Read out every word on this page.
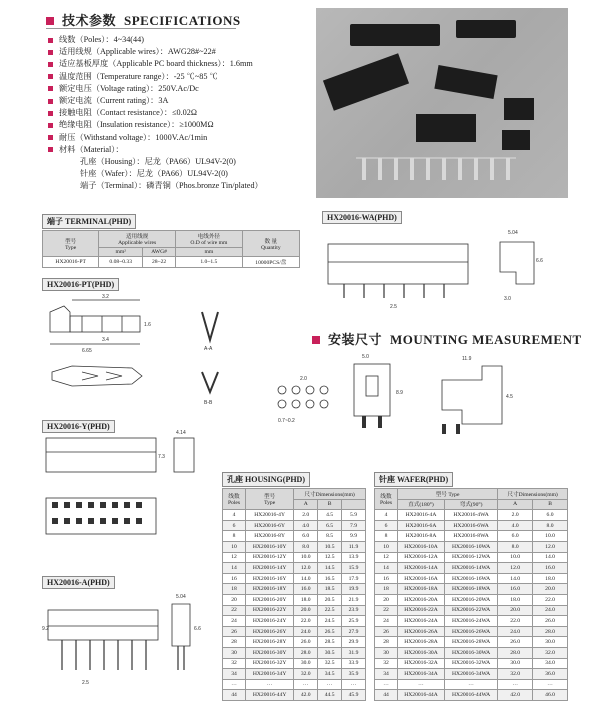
技术参数 SPECIFICATIONS
线数（Poles）：4~34(44)
适用线规（Applicable wires）：AWG28#~22#
适应基板厚度（Applicable PC board thickness）：1.6mm
温度范围（Temperature range）：-25 ℃~85 ℃
额定电压（Voltage rating）：250V.Ac/Dc
额定电流（Current rating）：3A
接触电阻（Contact resistance）：≤0.02Ω
绝缘电阻（Insulation resistance）：≥1000MΩ
耐压（Withstand voltage）：1000V.Ac/1min
材料（Material）：
孔座（Housing）：尼龙（PA66）UL94V-2(0)
针座（Wafer）：尼龙（PA66）UL94V-2(0)
端子（Terminal）：磷青铜（Phos.bronze Tin/plated）
端子 TERMINAL(PHD)
型号
Type	适用线规
Applicable wires		电线外径
O.D of wire mm	数 量
Quantity
	mm²	AWG#	mm	
HX20016-PT	0.08~0.33	28~22	1.0~1.5	10000PCS/盘
HX20016-PT(PHD)
3.2
3.4
6.65
1.6
A-A
B-B
HX20016-Y(PHD)
4.14
7.3
HX20016-A(PHD)
5.04
9.2	6.6
2.5
HX20016-WA(PHD)
5.04
6.6
2.5
3.0
安装尺寸 MOUNTING MEASUREMENT
5.0
8.9
11.9
4.5
2.0
0.7~0.2
孔座 HOUSING(PHD)
线数
Poles	型号
Type	尺寸Dimensions(mm)		
		A	B	
4	HX20016-4Y	2.0	4.5	5.9
6	HX20016-6Y	4.0	6.5	7.9
8	HX20016-8Y	6.0	8.5	9.9
10	HX20016-10Y	8.0	10.5	11.9
12	HX20016-12Y	10.0	12.5	13.9
14	HX20016-14Y	12.0	14.5	15.9
16	HX20016-16Y	14.0	16.5	17.9
18	HX20016-18Y	16.0	18.5	19.9
20	HX20016-20Y	18.0	20.5	21.9
22	HX20016-22Y	20.0	22.5	23.9
24	HX20016-24Y	22.0	24.5	25.9
26	HX20016-26Y	24.0	26.5	27.9
28	HX20016-28Y	26.0	28.5	29.9
30	HX20016-30Y	28.0	30.5	31.9
32	HX20016-32Y	30.0	32.5	33.9
34	HX20016-34Y	32.0	34.5	35.9
…	…	…	…	…
44	HX20016-44Y	42.0	44.5	45.9
针座 WAFER(PHD)
线数
Poles	型号 Type		尺寸Dimensions(mm)	
	直式(180°)	弯式(90°)	A	B
4	HX20016-4A	HX20016-4WA	2.0	6.0
6	HX20016-6A	HX20016-6WA	4.0	8.0
8	HX20016-8A	HX20016-8WA	6.0	10.0
10	HX20016-10A	HX20016-10WA	8.0	12.0
12	HX20016-12A	HX20016-12WA	10.0	14.0
14	HX20016-14A	HX20016-14WA	12.0	16.0
16	HX20016-16A	HX20016-16WA	14.0	18.0
18	HX20016-18A	HX20016-18WA	16.0	20.0
20	HX20016-20A	HX20016-20WA	18.0	22.0
22	HX20016-22A	HX20016-22WA	20.0	24.0
24	HX20016-24A	HX20016-24WA	22.0	26.0
26	HX20016-26A	HX20016-26WA	24.0	28.0
28	HX20016-28A	HX20016-28WA	26.0	30.0
30	HX20016-30A	HX20016-30WA	28.0	32.0
32	HX20016-32A	HX20016-32WA	30.0	34.0
34	HX20016-34A	HX20016-34WA	32.0	36.0
…	…	…	…	…
44	HX20016-44A	HX20016-44WA	42.0	46.0
